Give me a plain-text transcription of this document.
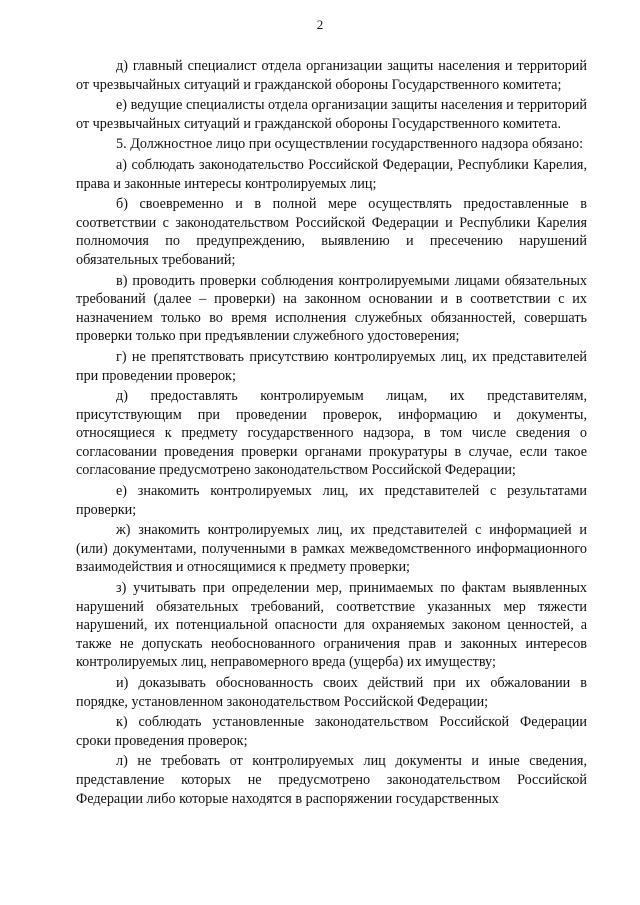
2

д) главный специалист отдела организации защиты населения и территорий от чрезвычайных ситуаций и гражданской обороны Государственного комитета;

е) ведущие специалисты отдела организации защиты населения и территорий от чрезвычайных ситуаций и гражданской обороны Государственного комитета.

5. Должностное лицо при осуществлении государственного надзора обязано:

а) соблюдать законодательство Российской Федерации, Республики Карелия, права и законные интересы контролируемых лиц;

б) своевременно и в полной мере осуществлять предоставленные в соответствии с законодательством Российской Федерации и Республики Карелия полномочия по предупреждению, выявлению и пресечению нарушений обязательных требований;

в) проводить проверки соблюдения контролируемыми лицами обязательных требований (далее – проверки) на законном основании и в соответствии с их назначением только во время исполнения служебных обязанностей, совершать проверки только при предъявлении служебного удостоверения;

г) не препятствовать присутствию контролируемых лиц, их представителей при проведении проверок;

д) предоставлять контролируемым лицам, их представителям, присутствующим при проведении проверок, информацию и документы, относящиеся к предмету государственного надзора, в том числе сведения о согласовании проведения проверки органами прокуратуры в случае, если такое согласование предусмотрено законодательством Российской Федерации;

е) знакомить контролируемых лиц, их представителей с результатами проверки;

ж) знакомить контролируемых лиц, их представителей с информацией и (или) документами, полученными в рамках межведомственного информационного взаимодействия и относящимися к предмету проверки;

з) учитывать при определении мер, принимаемых по фактам выявленных нарушений обязательных требований, соответствие указанных мер тяжести нарушений, их потенциальной опасности для охраняемых законом ценностей, а также не допускать необоснованного ограничения прав и законных интересов контролируемых лиц, неправомерного вреда (ущерба) их имуществу;

и) доказывать обоснованность своих действий при их обжаловании в порядке, установленном законодательством Российской Федерации;

к) соблюдать установленные законодательством Российской Федерации сроки проведения проверок;

л) не требовать от контролируемых лиц документы и иные сведения, представление которых не предусмотрено законодательством Российской Федерации либо которые находятся в распоряжении государственных
